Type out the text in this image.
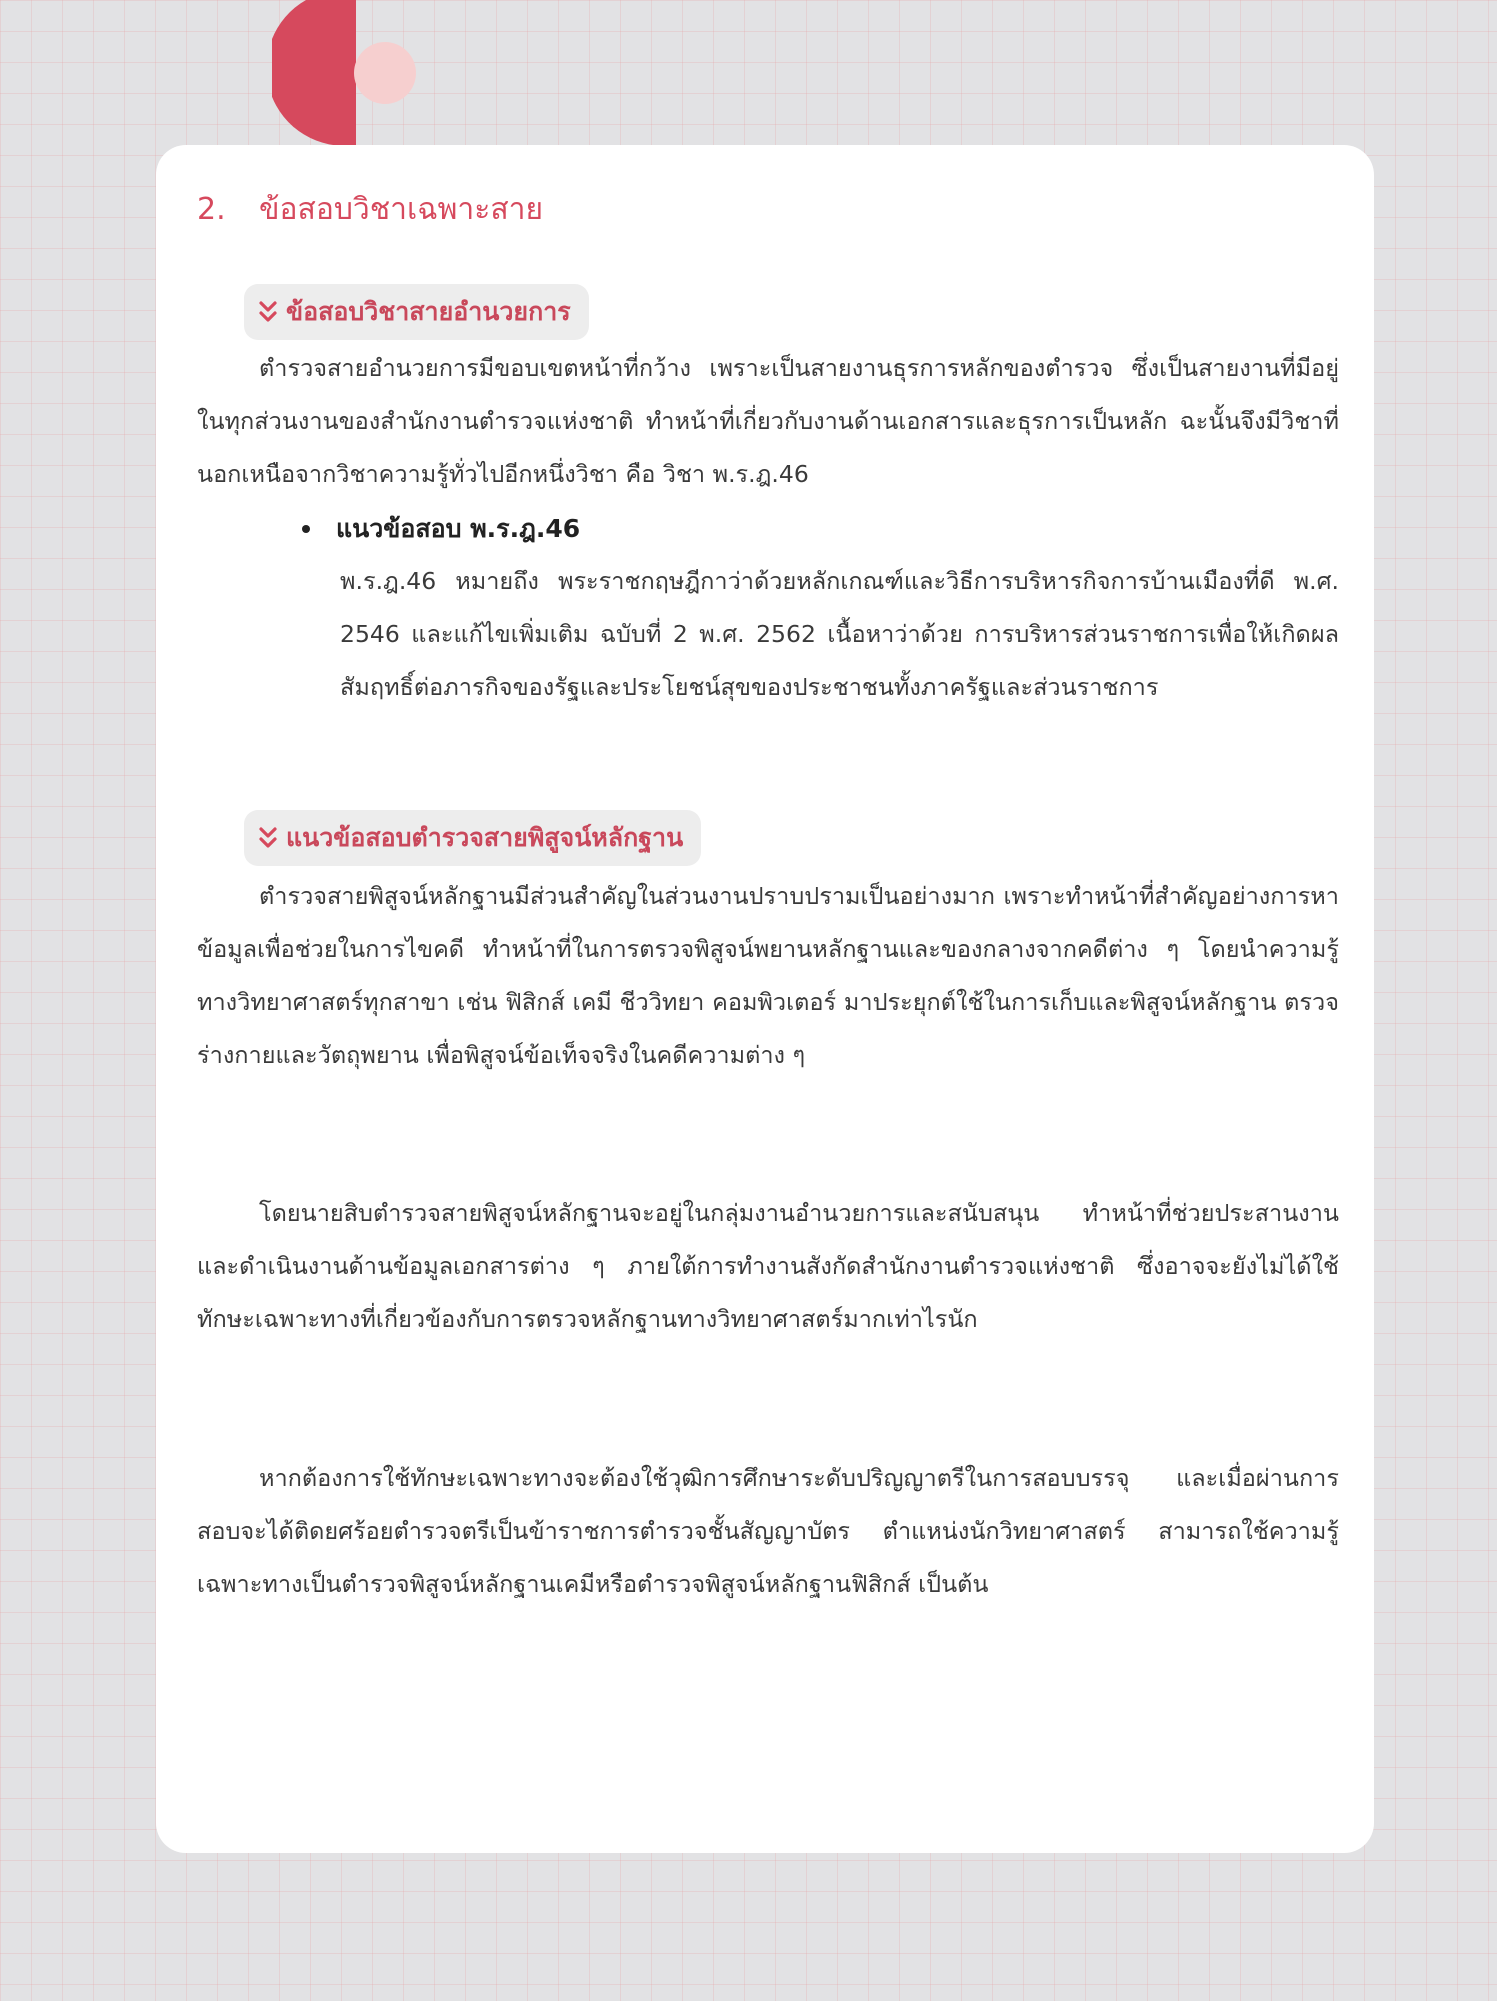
2. ข้อสอบวิชาเฉพาะสาย
ข้อสอบวิชาสายอำนวยการ

ตำรวจสายอำนวยการมีขอบเขตหน้าที่กว้าง เพราะเป็นสายงานธุรการหลักของตำรวจ ซึ่งเป็นสายงานที่มีอยู่ในทุกส่วนงานของสำนักงานตำรวจแห่งชาติ ทำหน้าที่เกี่ยวกับงานด้านเอกสารและธุรการเป็นหลัก ฉะนั้นจึงมีวิชาที่นอกเหนือจากวิชาความรู้ทั่วไปอีกหนึ่งวิชา คือ วิชา พ.ร.ฎ.46

แนวข้อสอบ พ.ร.ฎ.46

พ.ร.ฎ.46 หมายถึง พระราชกฤษฎีกาว่าด้วยหลักเกณฑ์และวิธีการบริหารกิจการบ้านเมืองที่ดี พ.ศ. 2546 และแก้ไขเพิ่มเติม ฉบับที่ 2 พ.ศ. 2562 เนื้อหาว่าด้วย การบริหารส่วนราชการเพื่อให้เกิดผลสัมฤทธิ์ต่อภารกิจของรัฐและประโยชน์สุขของประชาชนทั้งภาครัฐและส่วนราชการ

แนวข้อสอบตำรวจสายพิสูจน์หลักฐาน

ตำรวจสายพิสูจน์หลักฐานมีส่วนสำคัญในส่วนงานปราบปรามเป็นอย่างมาก เพราะทำหน้าที่สำคัญอย่างการหาข้อมูลเพื่อช่วยในการไขคดี ทำหน้าที่ในการตรวจพิสูจน์พยานหลักฐานและของกลางจากคดีต่าง ๆ โดยนำความรู้ทางวิทยาศาสตร์ทุกสาขา เช่น ฟิสิกส์ เคมี ชีววิทยา คอมพิวเตอร์ มาประยุกต์ใช้ในการเก็บและพิสูจน์หลักฐาน ตรวจร่างกายและวัตถุพยาน เพื่อพิสูจน์ข้อเท็จจริงในคดีความต่าง ๆ

โดยนายสิบตำรวจสายพิสูจน์หลักฐานจะอยู่ในกลุ่มงานอำนวยการและสนับสนุน ทำหน้าที่ช่วยประสานงาน และดำเนินงานด้านข้อมูลเอกสารต่าง ๆ ภายใต้การทำงานสังกัดสำนักงานตำรวจแห่งชาติ ซึ่งอาจจะยังไม่ได้ใช้ทักษะเฉพาะทางที่เกี่ยวข้องกับการตรวจหลักฐานทางวิทยาศาสตร์มากเท่าไรนัก

หากต้องการใช้ทักษะเฉพาะทางจะต้องใช้วุฒิการศึกษาระดับปริญญาตรีในการสอบบรรจุ และเมื่อผ่านการสอบจะได้ติดยศร้อยตำรวจตรีเป็นข้าราชการตำรวจชั้นสัญญาบัตร ตำแหน่งนักวิทยาศาสตร์ สามารถใช้ความรู้เฉพาะทางเป็นตำรวจพิสูจน์หลักฐานเคมีหรือตำรวจพิสูจน์หลักฐานฟิสิกส์ เป็นต้น
